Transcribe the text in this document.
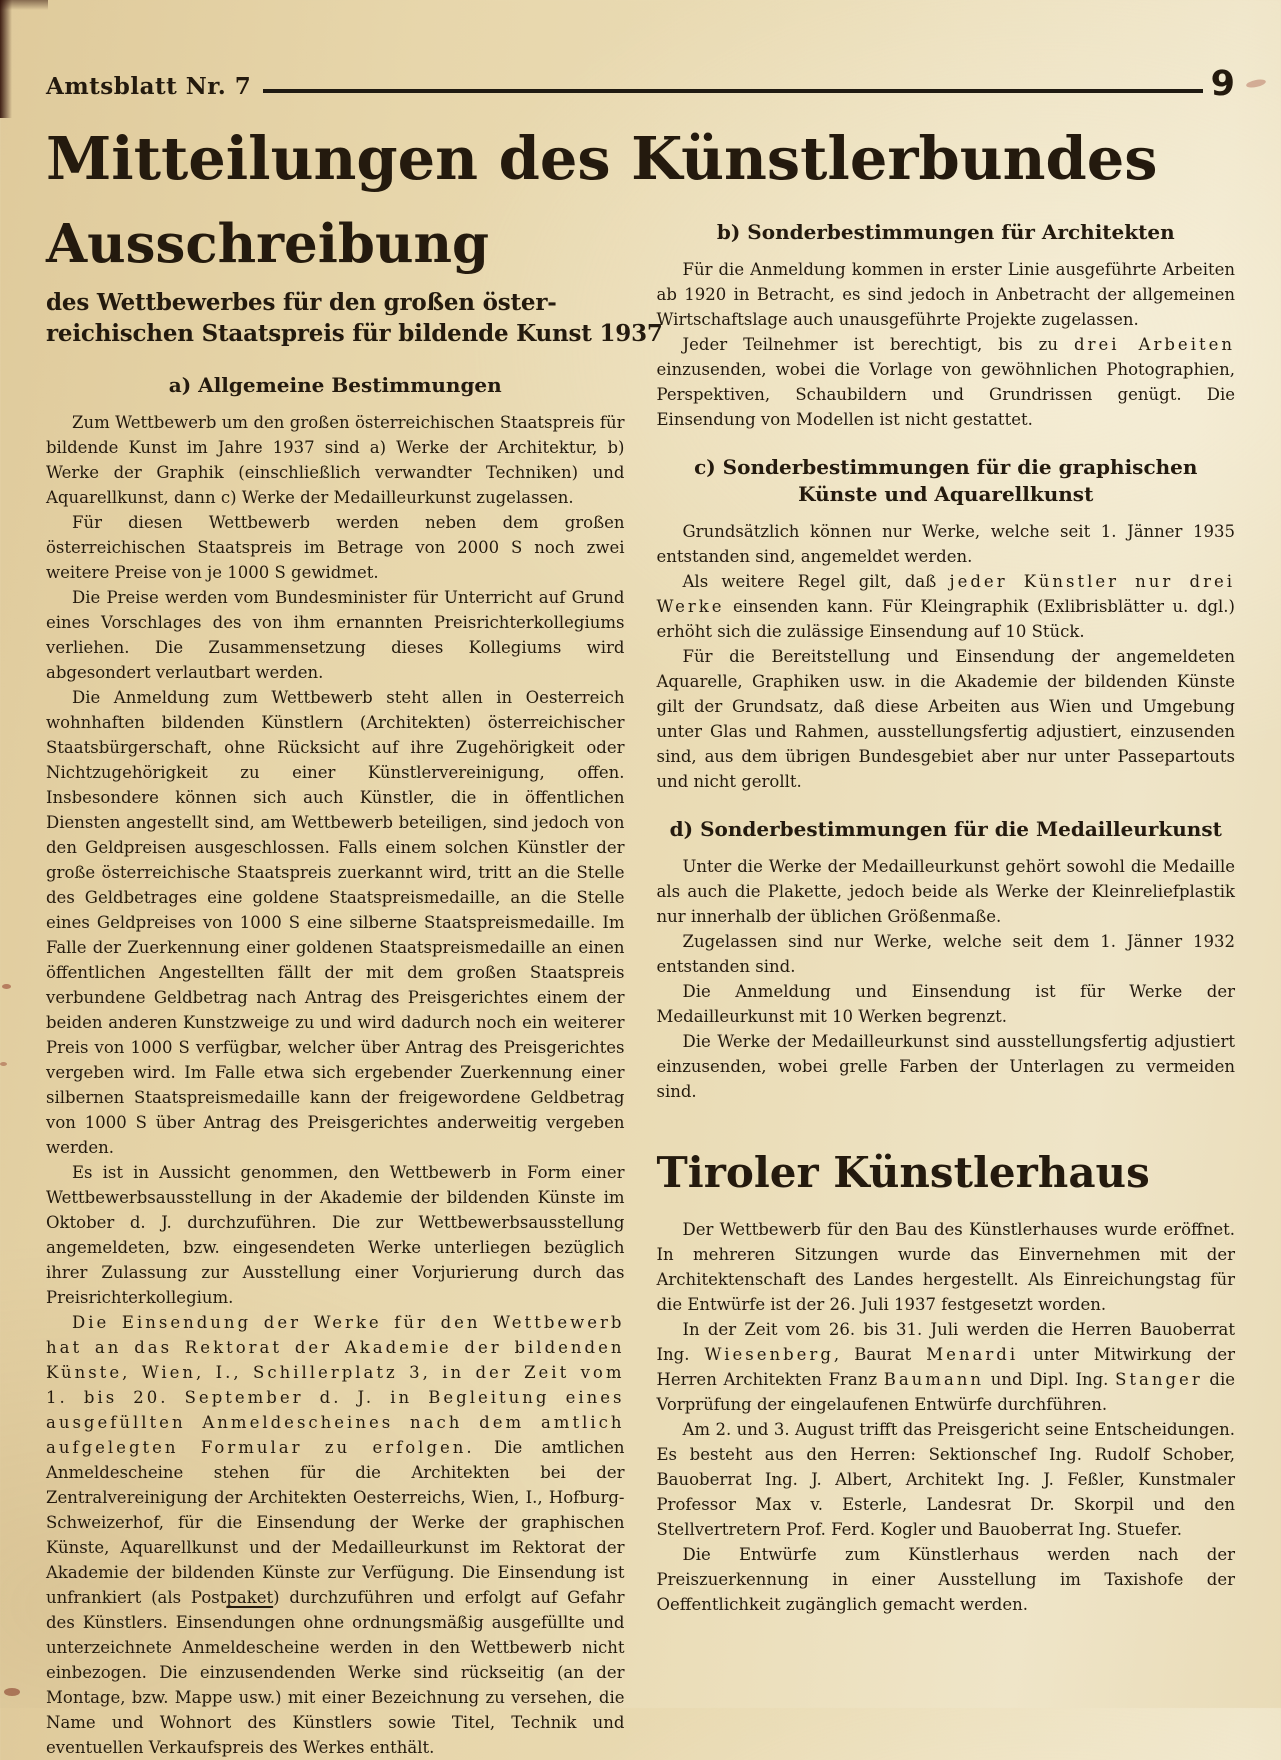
Amtsblatt Nr. 7	9
Mitteilungen des Künstlerbundes
Ausschreibung
des Wettbewerbes für den großen öster-
reichischen Staatspreis für bildende Kunst 1937
a) Allgemeine Bestimmungen

Zum Wettbewerb um den großen österreichischen Staatspreis für bildende Kunst im Jahre 1937 sind a) Werke der Architektur, b) Werke der Graphik (einschließlich verwandter Techniken) und Aquarellkunst, dann c) Werke der Medailleurkunst zugelassen.

Für diesen Wettbewerb werden neben dem großen österreichischen Staatspreis im Betrage von 2000 S noch zwei weitere Preise von je 1000 S gewidmet.

Die Preise werden vom Bundesminister für Unterricht auf Grund eines Vorschlages des von ihm ernannten Preisrichterkollegiums verliehen. Die Zusammensetzung dieses Kollegiums wird abgesondert verlautbart werden.

Die Anmeldung zum Wettbewerb steht allen in Oesterreich wohnhaften bildenden Künstlern (Architekten) österreichischer Staatsbürgerschaft, ohne Rücksicht auf ihre Zugehörigkeit oder Nichtzugehörigkeit zu einer Künstlervereinigung, offen. Insbesondere können sich auch Künstler, die in öffentlichen Diensten angestellt sind, am Wettbewerb beteiligen, sind jedoch von den Geldpreisen ausgeschlossen. Falls einem solchen Künstler der große österreichische Staatspreis zuerkannt wird, tritt an die Stelle des Geldbetrages eine goldene Staatspreismedaille, an die Stelle eines Geldpreises von 1000 S eine silberne Staatspreismedaille. Im Falle der Zuerkennung einer goldenen Staatspreismedaille an einen öffentlichen Angestellten fällt der mit dem großen Staatspreis verbundene Geldbetrag nach Antrag des Preisgerichtes einem der beiden anderen Kunstzweige zu und wird dadurch noch ein weiterer Preis von 1000 S verfügbar, welcher über Antrag des Preisgerichtes vergeben wird. Im Falle etwa sich ergebender Zuerkennung einer silbernen Staatspreismedaille kann der freigewordene Geldbetrag von 1000 S über Antrag des Preisgerichtes anderweitig vergeben werden.

Es ist in Aussicht genommen, den Wettbewerb in Form einer Wettbewerbsausstellung in der Akademie der bildenden Künste im Oktober d. J. durchzuführen. Die zur Wettbewerbsausstellung angemeldeten, bzw. eingesendeten Werke unterliegen bezüglich ihrer Zulassung zur Ausstellung einer Vorjurierung durch das Preisrichterkollegium.

Die Einsendung der Werke für den Wettbewerb hat an das Rektorat der Akademie der bildenden Künste, Wien, I., Schillerplatz 3, in der Zeit vom 1. bis 20. September d. J. in Begleitung eines ausgefüllten Anmeldescheines nach dem amtlich aufgelegten Formular zu erfolgen. Die amtlichen Anmeldescheine stehen für die Architekten bei der Zentralvereinigung der Architekten Oesterreichs, Wien, I., Hofburg-Schweizerhof, für die Einsendung der Werke der graphischen Künste, Aquarellkunst und der Medailleurkunst im Rektorat der Akademie der bildenden Künste zur Verfügung. Die Einsendung ist unfrankiert (als Postpaket) durchzuführen und erfolgt auf Gefahr des Künstlers. Einsendungen ohne ordnungsmäßig ausgefüllte und unterzeichnete Anmeldescheine werden in den Wettbewerb nicht einbezogen. Die einzusendenden Werke sind rückseitig (an der Montage, bzw. Mappe usw.) mit einer Bezeichnung zu versehen, die Name und Wohnort des Künstlers sowie Titel, Technik und eventuellen Verkaufspreis des Werkes enthält.

b) Sonderbestimmungen für Architekten

Für die Anmeldung kommen in erster Linie ausgeführte Arbeiten ab 1920 in Betracht, es sind jedoch in Anbetracht der allgemeinen Wirtschaftslage auch unausgeführte Projekte zugelassen.

Jeder Teilnehmer ist berechtigt, bis zu drei Arbeiten einzusenden, wobei die Vorlage von gewöhnlichen Photographien, Perspektiven, Schaubildern und Grundrissen genügt. Die Einsendung von Modellen ist nicht gestattet.

c) Sonderbestimmungen für die graphischen Künste und Aquarellkunst

Grundsätzlich können nur Werke, welche seit 1. Jänner 1935 entstanden sind, angemeldet werden.

Als weitere Regel gilt, daß jeder Künstler nur drei Werke einsenden kann. Für Kleingraphik (Exlibrisblätter u. dgl.) erhöht sich die zulässige Einsendung auf 10 Stück.

Für die Bereitstellung und Einsendung der angemeldeten Aquarelle, Graphiken usw. in die Akademie der bildenden Künste gilt der Grundsatz, daß diese Arbeiten aus Wien und Umgebung unter Glas und Rahmen, ausstellungsfertig adjustiert, einzusenden sind, aus dem übrigen Bundesgebiet aber nur unter Passepartouts und nicht gerollt.

d) Sonderbestimmungen für die Medailleurkunst

Unter die Werke der Medailleurkunst gehört sowohl die Medaille als auch die Plakette, jedoch beide als Werke der Kleinreliefplastik nur innerhalb der üblichen Größenmaße.

Zugelassen sind nur Werke, welche seit dem 1. Jänner 1932 entstanden sind.

Die Anmeldung und Einsendung ist für Werke der Medailleurkunst mit 10 Werken begrenzt.

Die Werke der Medailleurkunst sind ausstellungsfertig adjustiert einzusenden, wobei grelle Farben der Unterlagen zu vermeiden sind.

Tiroler Künstlerhaus

Der Wettbewerb für den Bau des Künstlerhauses wurde eröffnet. In mehreren Sitzungen wurde das Einvernehmen mit der Architektenschaft des Landes hergestellt. Als Einreichungstag für die Entwürfe ist der 26. Juli 1937 festgesetzt worden.

In der Zeit vom 26. bis 31. Juli werden die Herren Bauoberrat Ing. Wiesenberg, Baurat Menardi unter Mitwirkung der Herren Architekten Franz Baumann und Dipl. Ing. Stanger die Vorprüfung der eingelaufenen Entwürfe durchführen.

Am 2. und 3. August trifft das Preisgericht seine Entscheidungen. Es besteht aus den Herren: Sektionschef Ing. Rudolf Schober, Bauoberrat Ing. J. Albert, Architekt Ing. J. Feßler, Kunstmaler Professor Max v. Esterle, Landesrat Dr. Skorpil und den Stellvertretern Prof. Ferd. Kogler und Bauoberrat Ing. Stuefer.

Die Entwürfe zum Künstlerhaus werden nach der Preiszuerkennung in einer Ausstellung im Taxishofe der Oeffentlichkeit zugänglich gemacht werden.
